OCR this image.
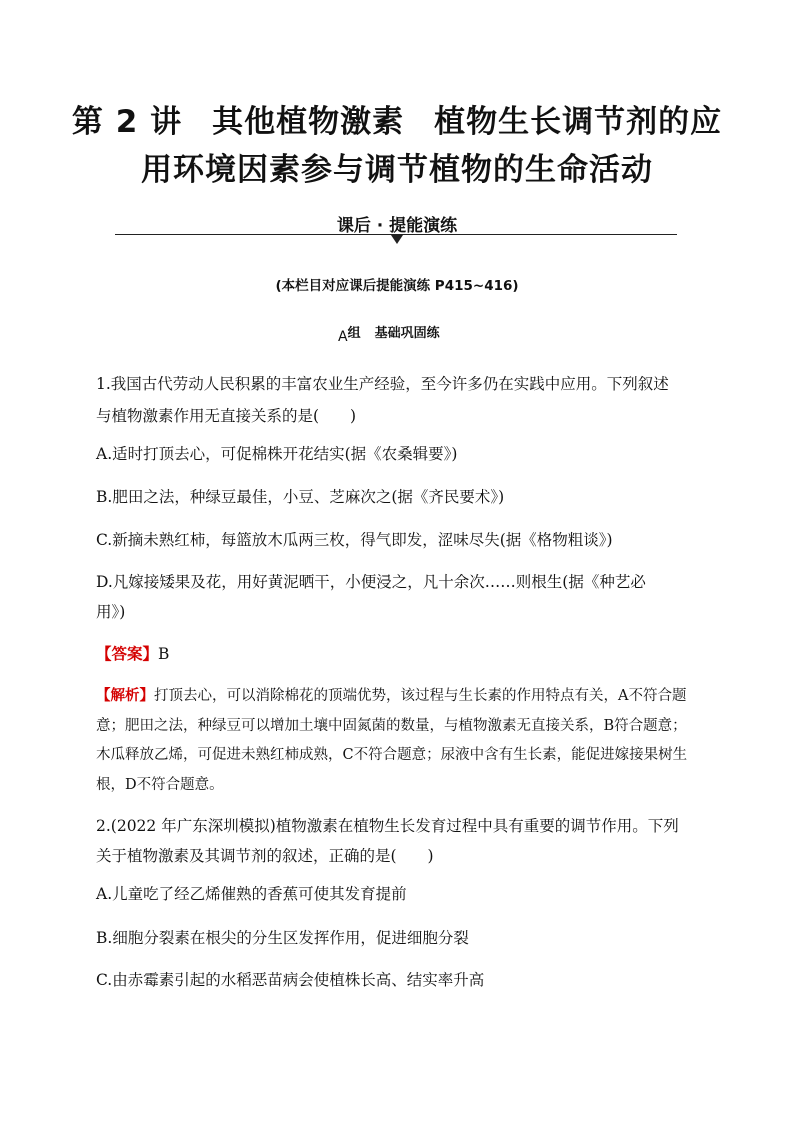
第 2 讲 其他植物激素 植物生长调节剂的应
用环境因素参与调节植物的生命活动
课后 · 提能演练
(本栏目对应课后提能演练 P415~416)
A组 基础巩固练
1.我国古代劳动人民积累的丰富农业生产经验，至今许多仍在实践中应用。下列叙述
与植物激素作用无直接关系的是(　　)
A.适时打顶去心，可促棉株开花结实(据《农桑辑要》)
B.肥田之法，种绿豆最佳，小豆、芝麻次之(据《齐民要术》)
C.新摘未熟红柿，每篮放木瓜两三枚，得气即发，涩味尽失(据《格物粗谈》)
D.凡嫁接矮果及花，用好黄泥晒干，小便浸之，凡十余次……则根生(据《种艺必
用》)
【答案】B
【解析】打顶去心，可以消除棉花的顶端优势，该过程与生长素的作用特点有关，A不符合题意；肥田之法，种绿豆可以增加土壤中固氮菌的数量，与植物激素无直接关系，B符合题意；木瓜释放乙烯，可促进未熟红柿成熟，C不符合题意；尿液中含有生长素，能促进嫁接果树生根，D不符合题意。
2.(2022 年广东深圳模拟)植物激素在植物生长发育过程中具有重要的调节作用。下列
关于植物激素及其调节剂的叙述，正确的是(　　)
A.儿童吃了经乙烯催熟的香蕉可使其发育提前
B.细胞分裂素在根尖的分生区发挥作用，促进细胞分裂
C.由赤霉素引起的水稻恶苗病会使植株长高、结实率升高
